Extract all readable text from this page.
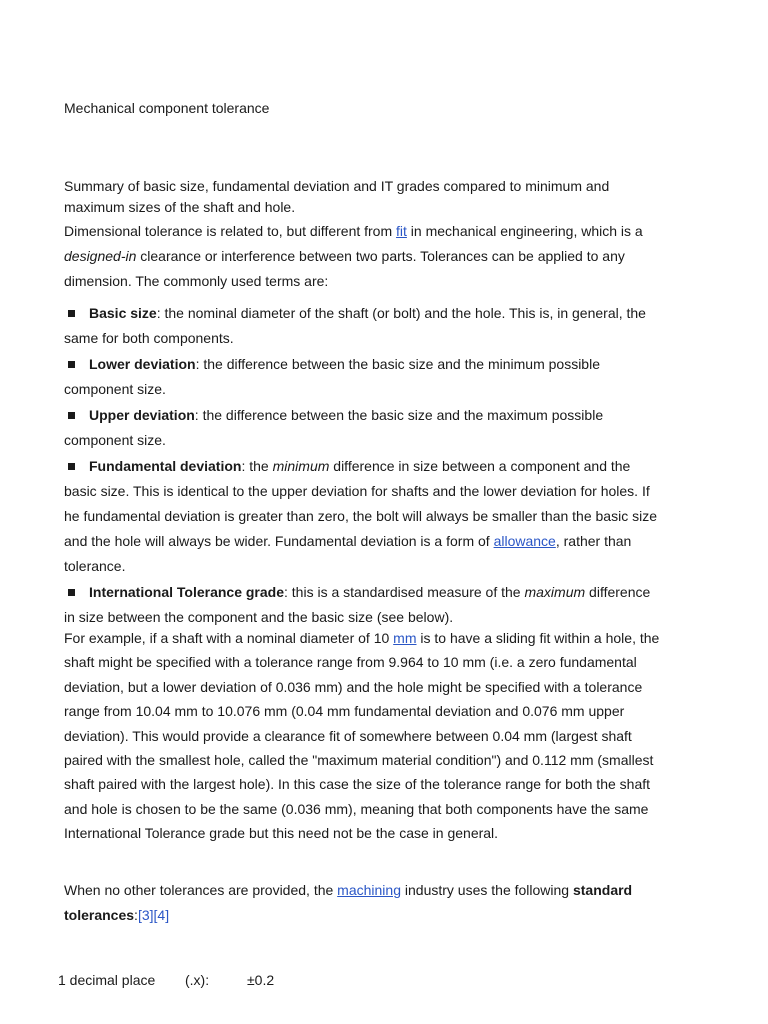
Mechanical component tolerance
Summary of basic size, fundamental deviation and IT grades compared to minimum and maximum sizes of the shaft and hole.
Dimensional tolerance is related to, but different from fit in mechanical engineering, which is a designed-in clearance or interference between two parts. Tolerances can be applied to any dimension. The commonly used terms are:
Basic size: the nominal diameter of the shaft (or bolt) and the hole. This is, in general, the same for both components.
Lower deviation: the difference between the basic size and the minimum possible component size.
Upper deviation: the difference between the basic size and the maximum possible component size.
Fundamental deviation: the minimum difference in size between a component and the basic size. This is identical to the upper deviation for shafts and the lower deviation for holes. If he fundamental deviation is greater than zero, the bolt will always be smaller than the basic size and the hole will always be wider. Fundamental deviation is a form of allowance, rather than tolerance.
International Tolerance grade: this is a standardised measure of the maximum difference in size between the component and the basic size (see below).
For example, if a shaft with a nominal diameter of 10 mm is to have a sliding fit within a hole, the shaft might be specified with a tolerance range from 9.964 to 10 mm (i.e. a zero fundamental deviation, but a lower deviation of 0.036 mm) and the hole might be specified with a tolerance range from 10.04 mm to 10.076 mm (0.04 mm fundamental deviation and 0.076 mm upper deviation). This would provide a clearance fit of somewhere between 0.04 mm (largest shaft paired with the smallest hole, called the "maximum material condition") and 0.112 mm (smallest shaft paired with the largest hole). In this case the size of the tolerance range for both the shaft and hole is chosen to be the same (0.036 mm), meaning that both components have the same International Tolerance grade but this need not be the case in general.
When no other tolerances are provided, the machining industry uses the following standard tolerances:[3][4]
1 decimal place (.x):	±0.2
